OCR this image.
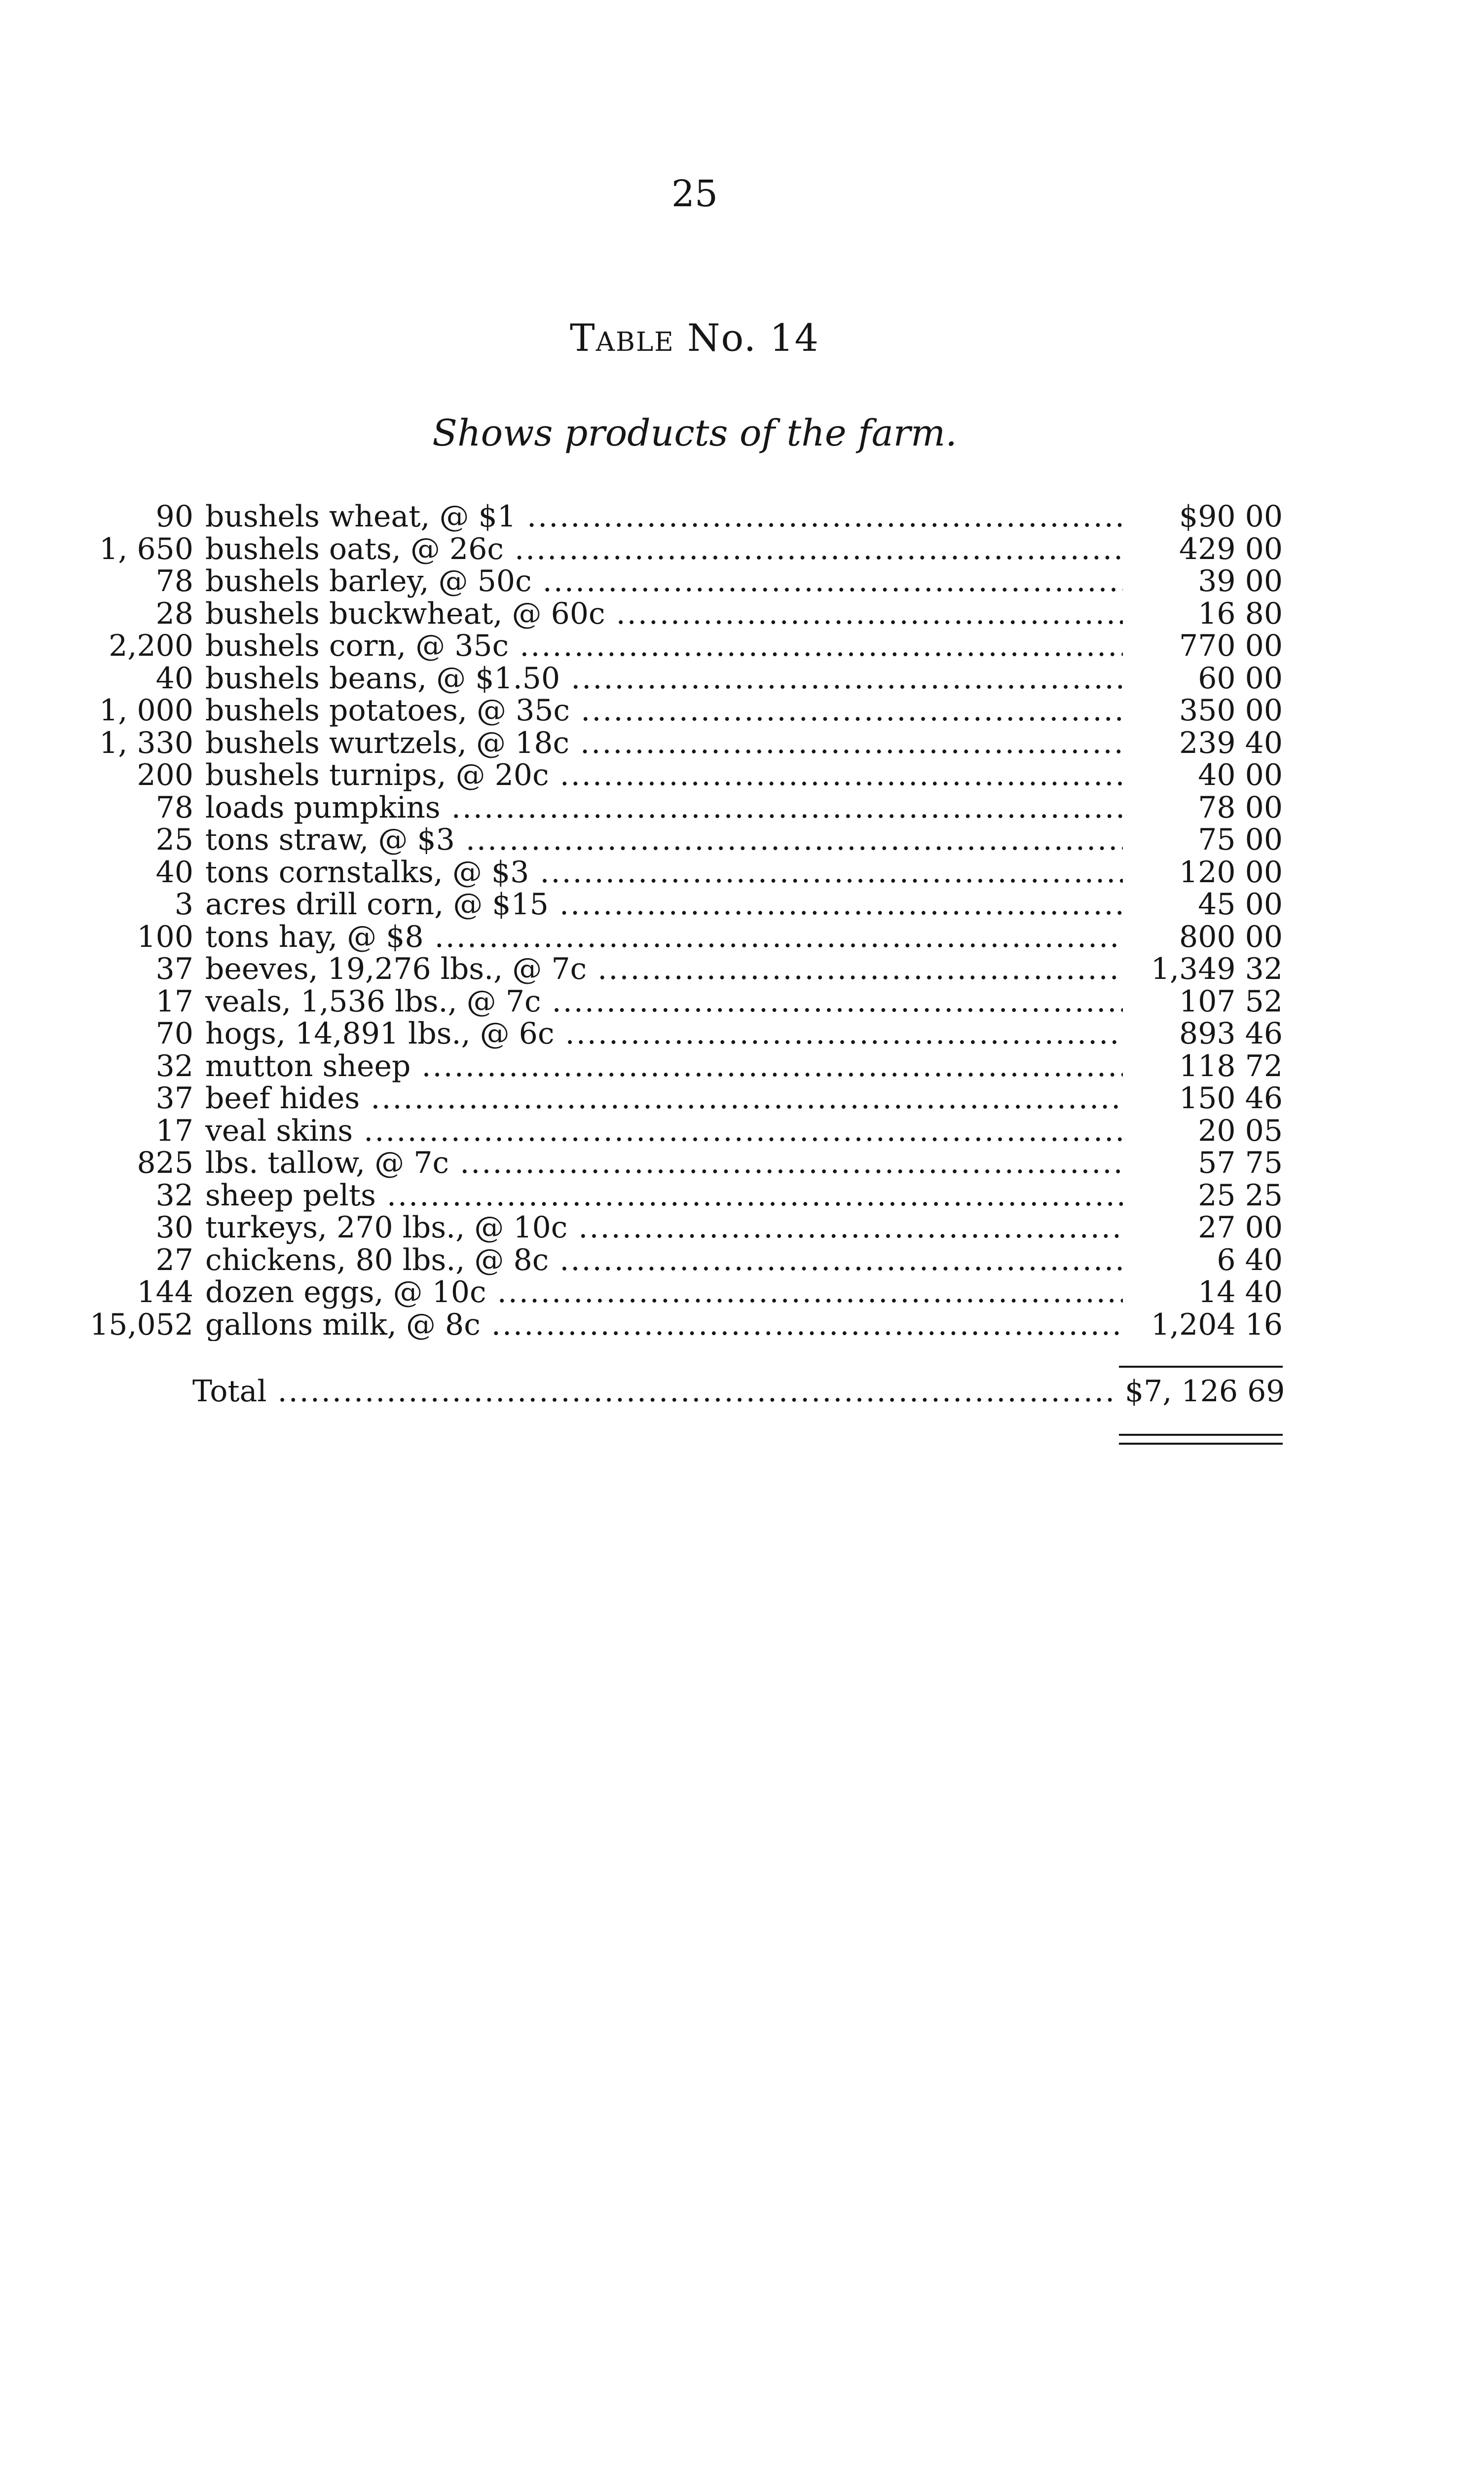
25
Table No. 14
Shows products of the farm.
90 bushels wheat, @ $1 .....	$90 00
1, 650 bushels oats, @ 26c .....	429 00
78 bushels barley, @ 50c .....	39 00
28 bushels buckwheat, @ 60c .....	16 80
2,200 bushels corn, @ 35c .....	770 00
40 bushels beans, @ $1.50 .....	60 00
1, 000 bushels potatoes, @ 35c .....	350 00
1, 330 bushels wurtzels, @ 18c .....	239 40
200 bushels turnips, @ 20c .....	40 00
78 loads pumpkins .....	78 00
25 tons straw, @ $3 .....	75 00
40 tons cornstalks, @ $3 .....	120 00
3 acres drill corn, @ $15 .....	45 00
100 tons hay, @ $8 .....	800 00
37 beeves, 19,276 lbs., @ 7c .....	1,349 32
17 veals, 1,536 lbs., @ 7c .....	107 52
70 hogs, 14,891 lbs., @ 6c .....	893 46
32 mutton sheep .....	118 72
37 beef hides .....	150 46
17 veal skins .....	20 05
825 lbs. tallow, @ 7c .....	57 75
32 sheep pelts .....	25 25
30 turkeys, 270 lbs., @ 10c .....	27 00
27 chickens, 80 lbs., @ 8c .....	6 40
144 dozen eggs, @ 10c .....	14 40
15,052 gallons milk, @ 8c .....	1,204 16
Total .....	$7, 126 69
